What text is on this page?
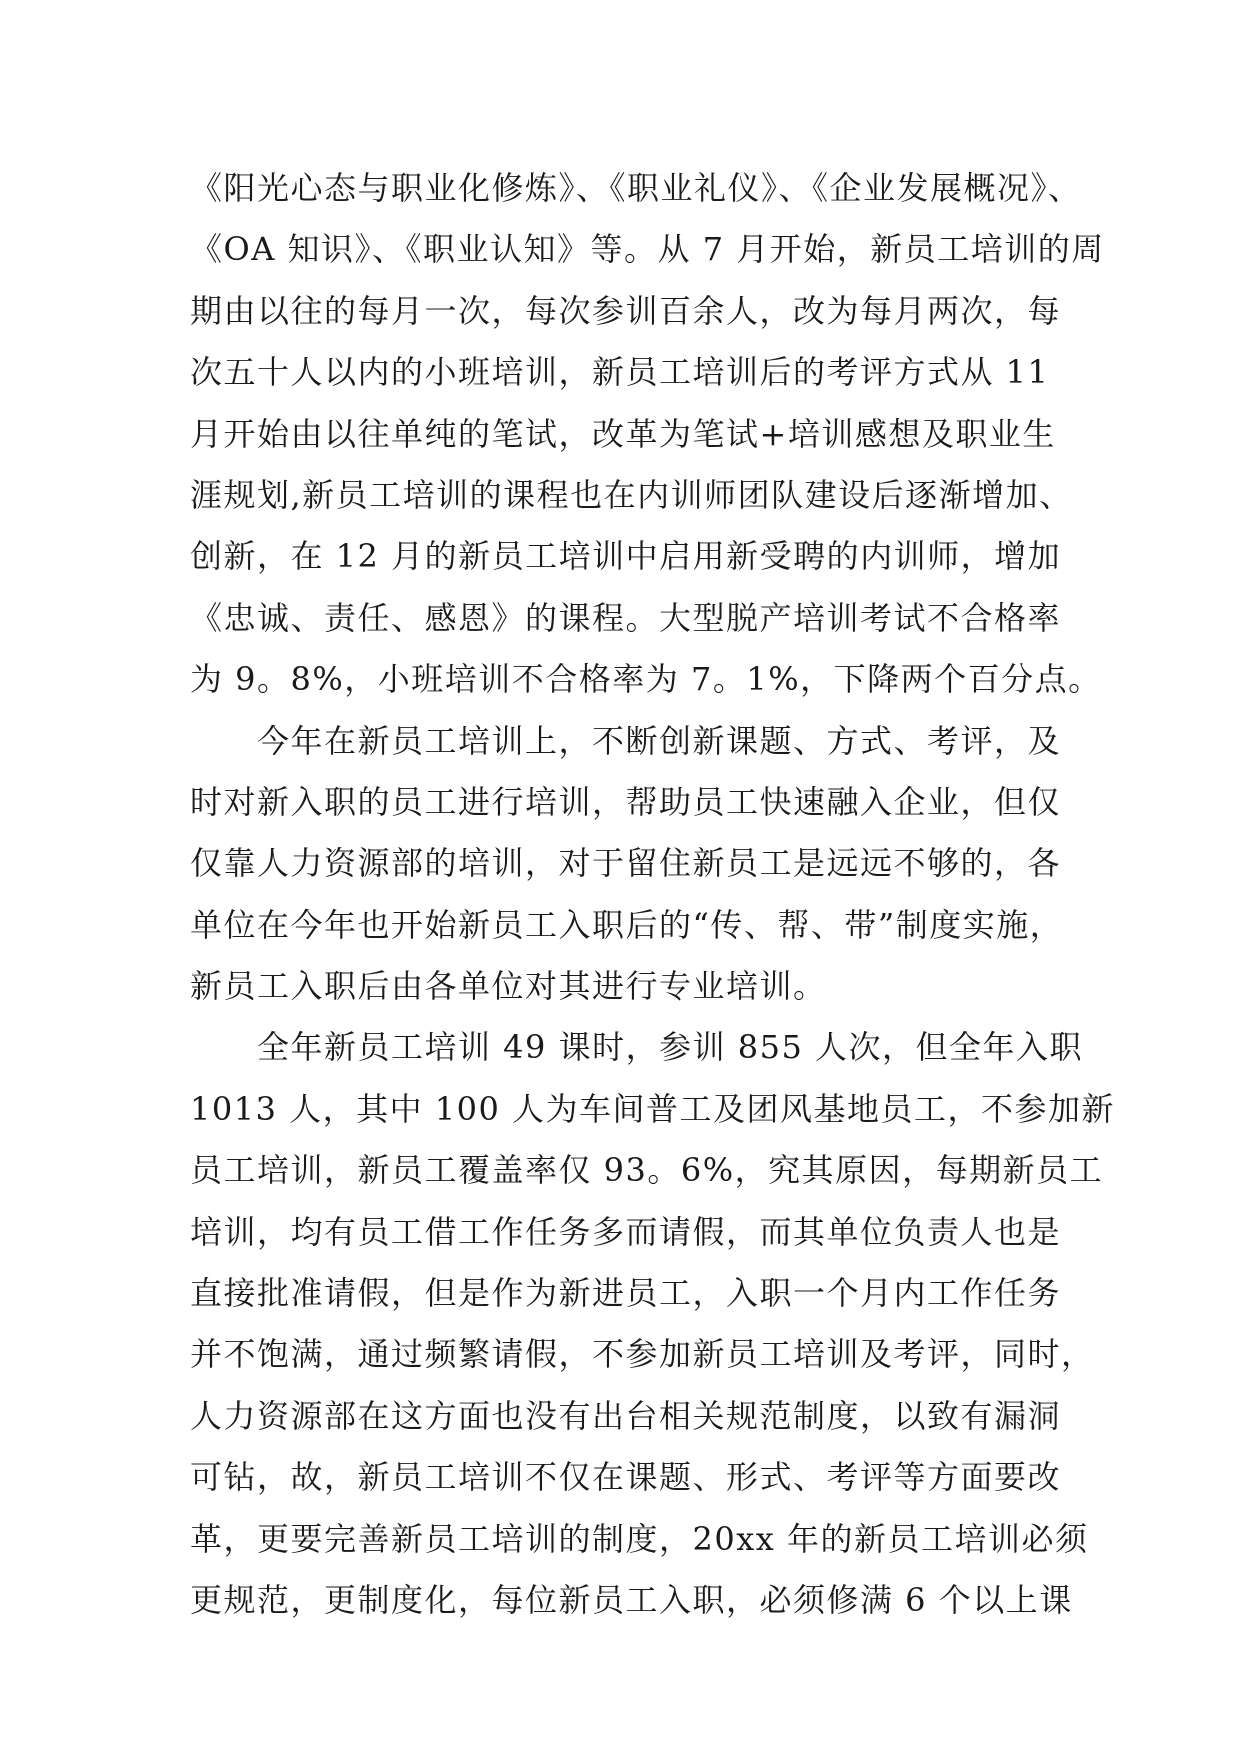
《阳光心态与职业化修炼》、《职业礼仪》、《企业发展概况》、
《OA 知识》、《职业认知》等。从 7 月开始，新员工培训的周
期由以往的每月一次，每次参训百余人，改为每月两次，每
次五十人以内的小班培训，新员工培训后的考评方式从 11
月开始由以往单纯的笔试，改革为笔试+培训感想及职业生
涯规划,新员工培训的课程也在内训师团队建设后逐渐增加、
创新，在 12 月的新员工培训中启用新受聘的内训师，增加
《忠诚、责任、感恩》的课程。大型脱产培训考试不合格率
为 9。8%，小班培训不合格率为 7。1%，下降两个百分点。
　　今年在新员工培训上，不断创新课题、方式、考评，及
时对新入职的员工进行培训，帮助员工快速融入企业，但仅
仅靠人力资源部的培训，对于留住新员工是远远不够的，各
单位在今年也开始新员工入职后的“传、帮、带”制度实施，
新员工入职后由各单位对其进行专业培训。
　　全年新员工培训 49 课时，参训 855 人次，但全年入职
1013 人，其中 100 人为车间普工及团风基地员工，不参加新
员工培训，新员工覆盖率仅 93。6%，究其原因，每期新员工
培训，均有员工借工作任务多而请假，而其单位负责人也是
直接批准请假，但是作为新进员工，入职一个月内工作任务
并不饱满，通过频繁请假，不参加新员工培训及考评，同时，
人力资源部在这方面也没有出台相关规范制度，以致有漏洞
可钻，故，新员工培训不仅在课题、形式、考评等方面要改
革，更要完善新员工培训的制度，20xx 年的新员工培训必须
更规范，更制度化，每位新员工入职，必须修满 6 个以上课
